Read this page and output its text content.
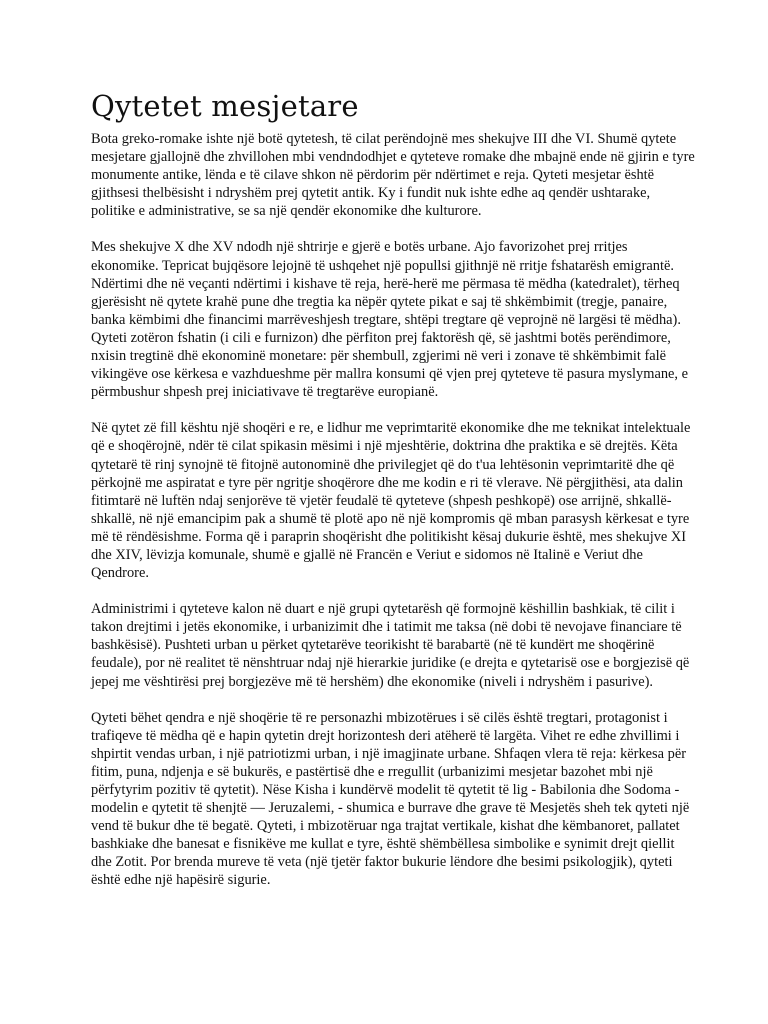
Qytetet mesjetare

Bota greko-romake ishte një botë qytetesh, të cilat perëndojnë mes shekujve III dhe VI. Shumë qytete mesjetare gjallojnë dhe zhvillohen mbi vendndodhjet e qyteteve romake dhe mbajnë ende në gjirin e tyre monumente antike, lënda e të cilave shkon në përdorim për ndërtimet e reja. Qyteti mesjetar është gjithsesi thelbësisht i ndryshëm prej qytetit antik. Ky i fundit nuk ishte edhe aq qendër ushtarake, politike e administrative, se sa një qendër ekonomike dhe kulturore.

Mes shekujve X dhe XV ndodh një shtrirje e gjerë e botës urbane. Ajo favorizohet prej rritjes ekonomike. Tepricat bujqësore lejojnë të ushqehet një popullsi gjithnjë në rritje fshatarësh emigrantë. Ndërtimi dhe në veçanti ndërtimi i kishave të reja, herë-herë me përmasa të mëdha (katedralet), tërheq gjerësisht në qytete krahë pune dhe tregtia ka nëpër qytete pikat e saj të shkëmbimit (tregje, panaire, banka këmbimi dhe financimi marrëveshjesh tregtare, shtëpi tregtare që veprojnë në largësi të mëdha). Qyteti zotëron fshatin (i cili e furnizon) dhe përfiton prej faktorësh që, së jashtmi botës perëndimore, nxisin tregtinë dhë ekonominë monetare: për shembull, zgjerimi në veri i zonave të shkëmbimit falë vikingëve ose kërkesa e vazhdueshme për mallra konsumi që vjen prej qyteteve të pasura myslymane, e përmbushur shpesh prej iniciativave të tregtarëve europianë.

Në qytet zë fill kështu një shoqëri e re, e lidhur me veprimtaritë ekonomike dhe me teknikat intelektuale që e shoqërojnë, ndër të cilat spikasin mësimi i një mjeshtërie, doktrina dhe praktika e së drejtës. Këta qytetarë të rinj synojnë të fitojnë autonominë dhe privilegjet që do t'ua lehtësonin veprimtaritë dhe që përkojnë me aspiratat e tyre për ngritje shoqërore dhe me kodin e ri të vlerave. Në përgjithësi, ata dalin fitimtarë në luftën ndaj senjorëve të vjetër feudalë të qyteteve (shpesh peshkopë) ose arrijnë, shkallë-shkallë, në një emancipim pak a shumë të plotë apo në një kompromis që mban parasysh kërkesat e tyre më të rëndësishme. Forma që i paraprin shoqërisht dhe politikisht kësaj dukurie është, mes shekujve XI dhe XIV, lëvizja komunale, shumë e gjallë në Francën e Veriut e sidomos në Italinë e Veriut dhe Qendrore.

Administrimi i qyteteve kalon në duart e një grupi qytetarësh që formojnë këshillin bashkiak, të cilit i takon drejtimi i jetës ekonomike, i urbanizimit dhe i tatimit me taksa (në dobi të nevojave financiare të bashkësisë). Pushteti urban u përket qytetarëve teorikisht të barabartë (në të kundërt me shoqërinë feudale), por në realitet të nënshtruar ndaj një hierarkie juridike (e drejta e qytetarisë ose e borgjezisë që jepej me vështirësi prej borgjezëve më të hershëm) dhe ekonomike (niveli i ndryshëm i pasurive).

Qyteti bëhet qendra e një shoqërie të re personazhi mbizotërues i së cilës është tregtari, protagonist i trafiqeve të mëdha që e hapin qytetin drejt horizontesh deri atëherë të largëta. Vihet re edhe zhvillimi i shpirtit vendas urban, i një patriotizmi urban, i një imagjinate urbane. Shfaqen vlera të reja: kërkesa për fitim, puna, ndjenja e së bukurës, e pastërtisë dhe e rregullit (urbanizimi mesjetar bazohet mbi një përfytyrim pozitiv të qytetit). Nëse Kisha i kundërvë modelit të qytetit të lig - Babilonia dhe Sodoma - modelin e qytetit të shenjtë — Jeruzalemi, - shumica e burrave dhe grave të Mesjetës sheh tek qyteti një vend të bukur dhe të begatë. Qyteti, i mbizotëruar nga trajtat vertikale, kishat dhe këmbanoret, pallatet bashkiake dhe banesat e fisnikëve me kullat e tyre, është shëmbëllesa simbolike e synimit drejt qiellit dhe Zotit. Por brenda mureve të veta (një tjetër faktor bukurie lëndore dhe besimi psikologjik), qyteti është edhe një hapësirë sigurie.
